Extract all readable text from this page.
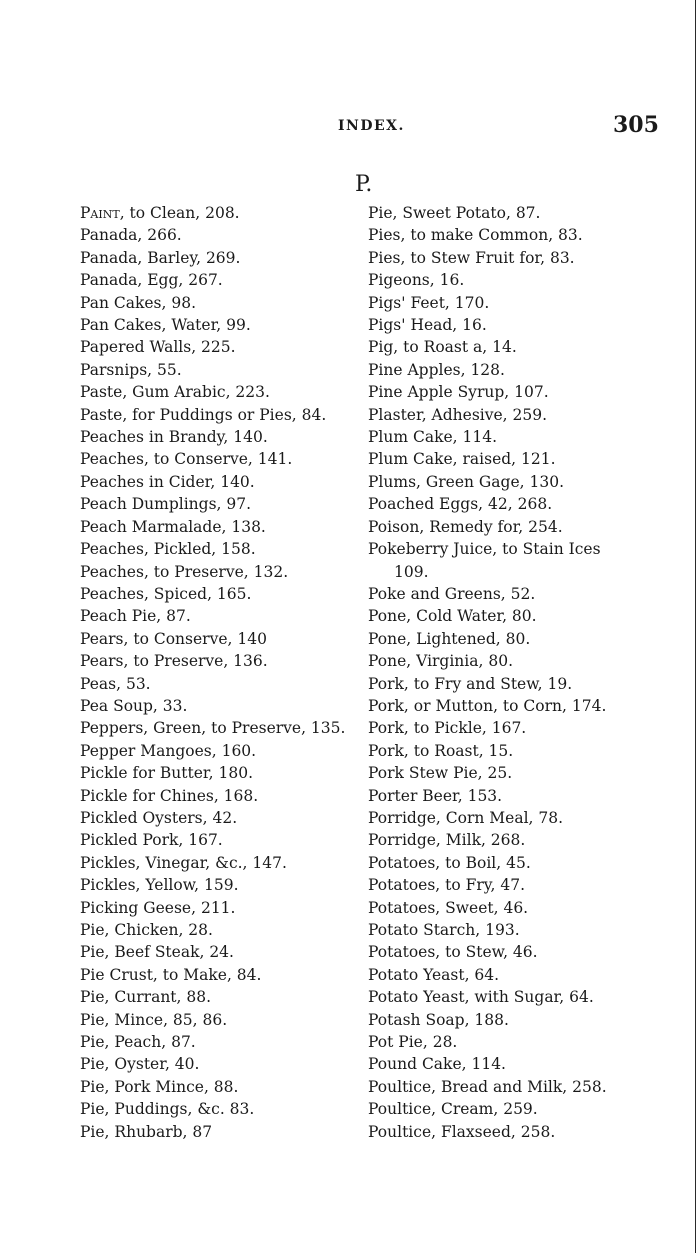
INDEX.	305
P.
Paint, to Clean, 208.
Panada, 266.
Panada, Barley, 269.
Panada, Egg, 267.
Pan Cakes, 98.
Pan Cakes, Water, 99.
Papered Walls, 225.
Parsnips, 55.
Paste, Gum Arabic, 223.
Paste, for Puddings or Pies, 84.
Peaches in Brandy, 140.
Peaches, to Conserve, 141.
Peaches in Cider, 140.
Peach Dumplings, 97.
Peach Marmalade, 138.
Peaches, Pickled, 158.
Peaches, to Preserve, 132.
Peaches, Spiced, 165.
Peach Pie, 87.
Pears, to Conserve, 140
Pears, to Preserve, 136.
Peas, 53.
Pea Soup, 33.
Peppers, Green, to Preserve, 135.
Pepper Mangoes, 160.
Pickle for Butter, 180.
Pickle for Chines, 168.
Pickled Oysters, 42.
Pickled Pork, 167.
Pickles, Vinegar, &c., 147.
Pickles, Yellow, 159.
Picking Geese, 211.
Pie, Chicken, 28.
Pie, Beef Steak, 24.
Pie Crust, to Make, 84.
Pie, Currant, 88.
Pie, Mince, 85, 86.
Pie, Peach, 87.
Pie, Oyster, 40.
Pie, Pork Mince, 88.
Pie, Puddings, &c. 83.
Pie, Rhubarb, 87
Pie, Sweet Potato, 87.
Pies, to make Common, 83.
Pies, to Stew Fruit for, 83.
Pigeons, 16.
Pigs' Feet, 170.
Pigs' Head, 16.
Pig, to Roast a, 14.
Pine Apples, 128.
Pine Apple Syrup, 107.
Plaster, Adhesive, 259.
Plum Cake, 114.
Plum Cake, raised, 121.
Plums, Green Gage, 130.
Poached Eggs, 42, 268.
Poison, Remedy for, 254.
Pokeberry Juice, to Stain Ices
109.
Poke and Greens, 52.
Pone, Cold Water, 80.
Pone, Lightened, 80.
Pone, Virginia, 80.
Pork, to Fry and Stew, 19.
Pork, or Mutton, to Corn, 174.
Pork, to Pickle, 167.
Pork, to Roast, 15.
Pork Stew Pie, 25.
Porter Beer, 153.
Porridge, Corn Meal, 78.
Porridge, Milk, 268.
Potatoes, to Boil, 45.
Potatoes, to Fry, 47.
Potatoes, Sweet, 46.
Potato Starch, 193.
Potatoes, to Stew, 46.
Potato Yeast, 64.
Potato Yeast, with Sugar, 64.
Potash Soap, 188.
Pot Pie, 28.
Pound Cake, 114.
Poultice, Bread and Milk, 258.
Poultice, Cream, 259.
Poultice, Flaxseed, 258.
